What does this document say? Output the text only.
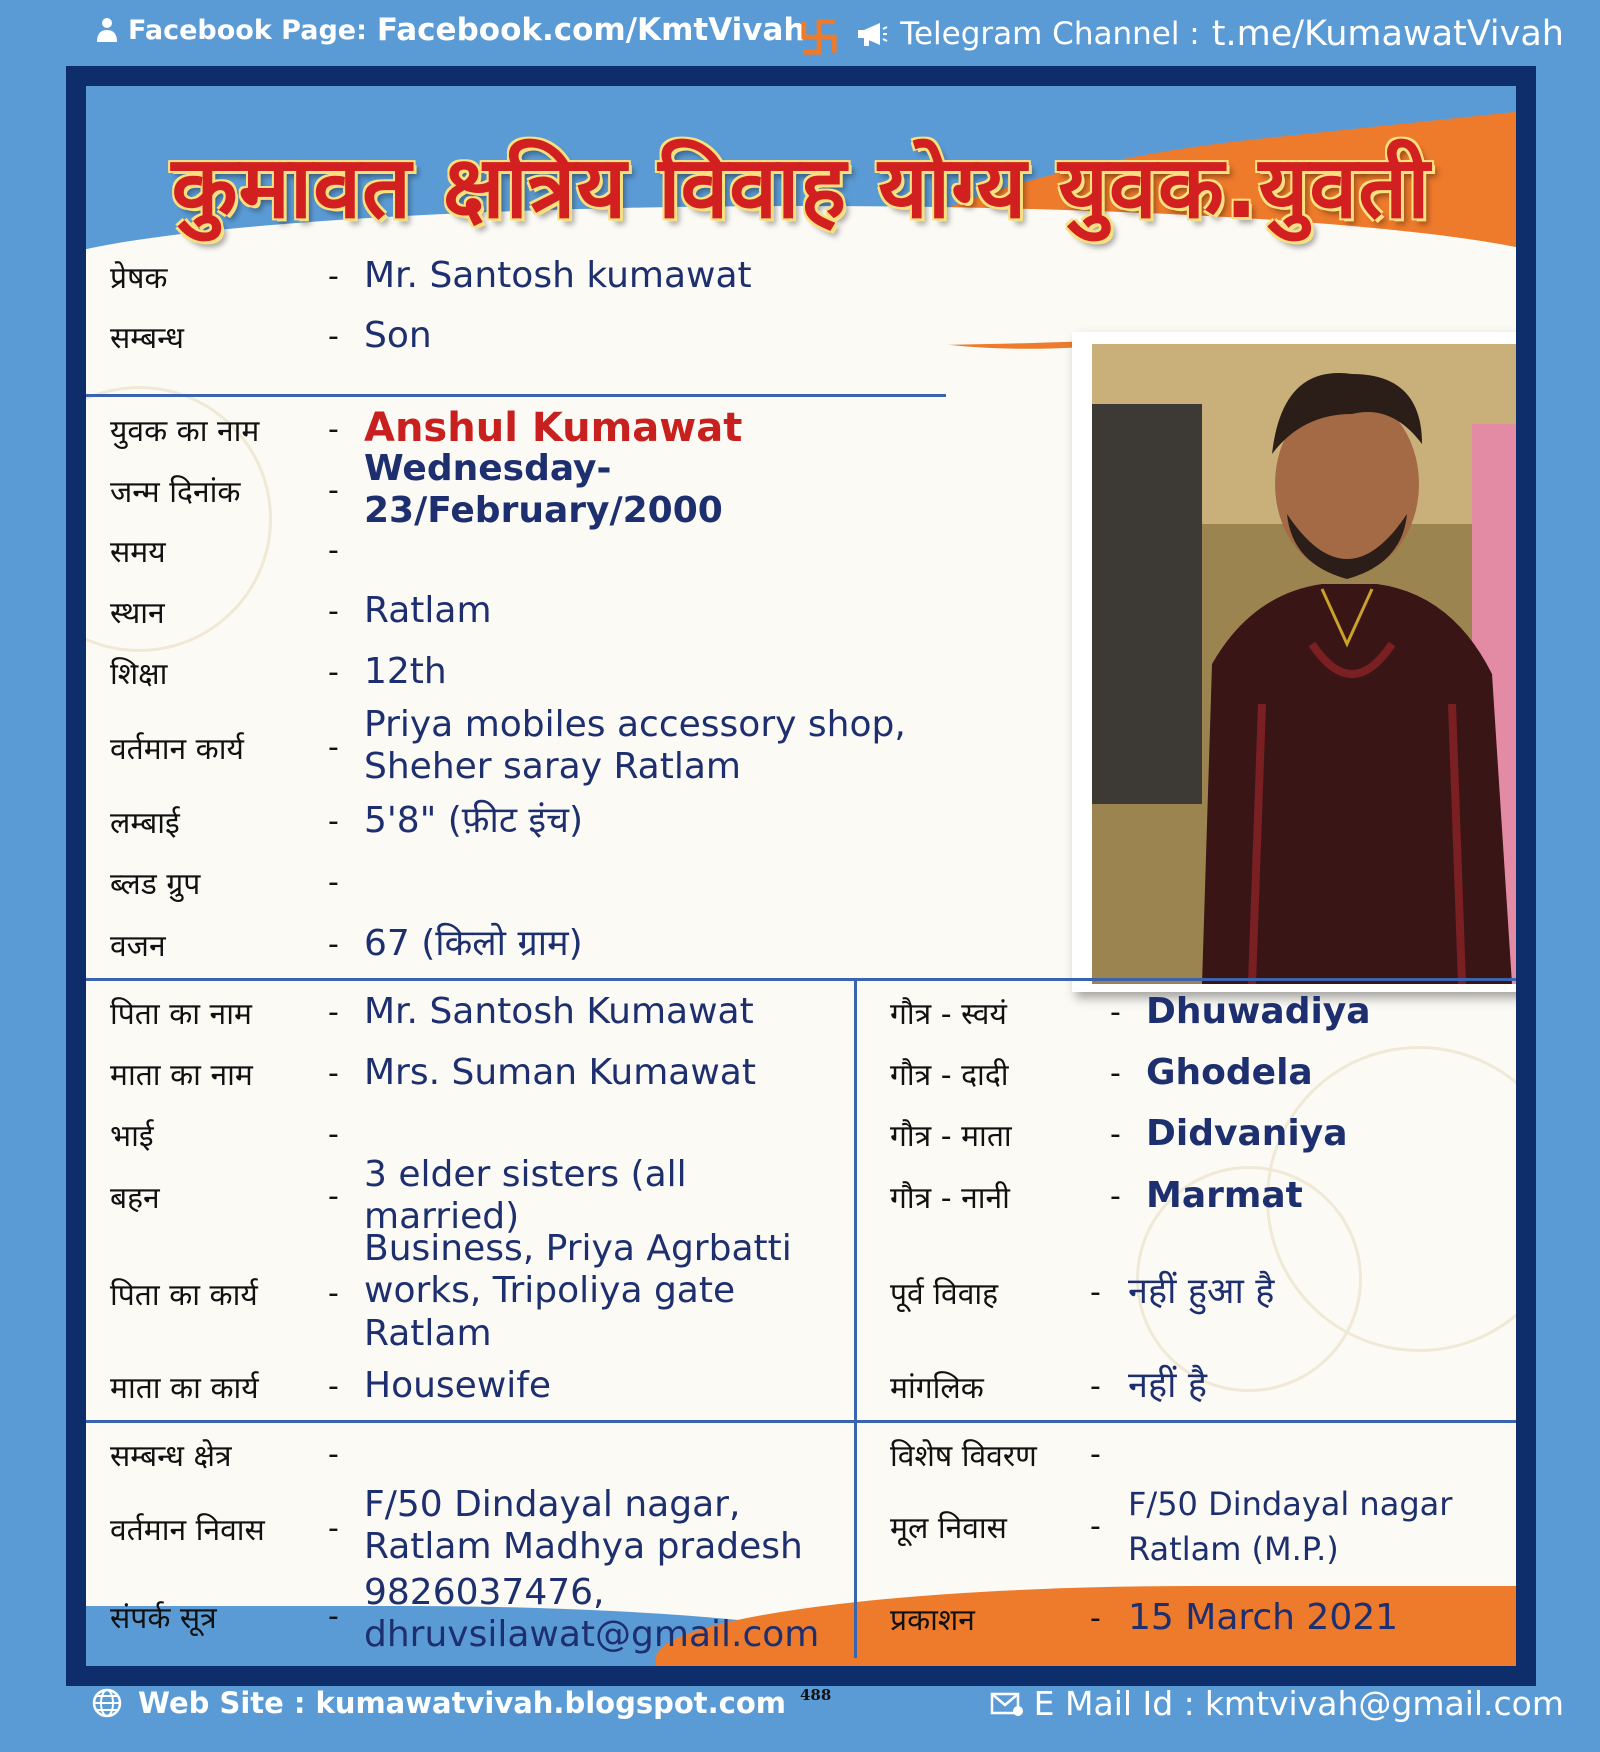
Facebook Page: Facebook.com/KmtVivah	Telegram Channel : t.me/KumawatVivah
कुमावत क्षत्रिय विवाह योग्य युवक.युवती
प्रेषक	- Mr. Santosh kumawat
सम्बन्ध	- Son
युवक का नाम - Anshul Kumawat
जन्म दिनांक	-
Wednesday-23/February/2000
समय	-
स्थान	- Ratlam
शिक्षा	- 12th
वर्तमान कार्य	-
Priya mobiles accessory shop,
Sheher saray Ratlam
लम्बाई	- 5'8" (फ़ीट इंच)
ब्लड ग्रुप	-
वजन	- 67 (किलो ग्राम)
पिता का नाम	- Mr. Santosh Kumawat
माता का नाम	- Mrs. Suman Kumawat
भाई	-
बहन	-
3 elder sisters (all married)
पिता का कार्य -
Business, Priya Agrbatti
works, Tripoliya gate
Ratlam
माता का कार्य - Housewife
गौत्र - स्वयं	- Dhuwadiya
गौत्र - दादी	- Ghodela
गौत्र - माता	- Didvaniya
गौत्र - नानी	- Marmat
पूर्व विवाह	- नहीं हुआ है
मांगलिक	- नहीं है
सम्बन्ध क्षेत्र	-
वर्तमान निवास -
F/50 Dindayal nagar,
Ratlam Madhya pradesh
संपर्क सूत्र	-
9826037476,
dhruvsilawat@gmail.com
विशेष विवरण -
मूल निवास	-
F/50 Dindayal nagar
Ratlam (M.P.)
प्रकाशन	- 15 March 2021
488
Web Site : kumawatvivah.blogspot.com	E Mail Id : kmtvivah@gmail.com
